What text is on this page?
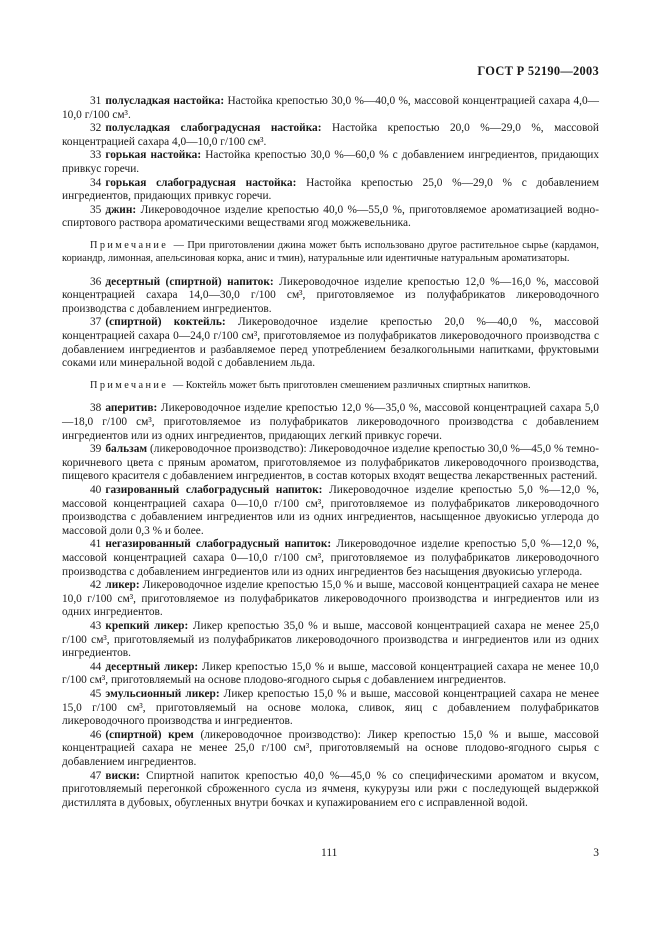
ГОСТ Р 52190—2003

31 полусладкая настойка: Настойка крепостью 30,0 %—40,0 %, массовой концентрацией сахара 4,0—10,0 г/100 см³.

32 полусладкая слабоградусная настойка: Настойка крепостью 20,0 %—29,0 %, массовой концентрацией сахара 4,0—10,0 г/100 см³.

33 горькая настойка: Настойка крепостью 30,0 %—60,0 % с добавлением ингредиентов, придающих привкус горечи.

34 горькая слабоградусная настойка: Настойка крепостью 25,0 %—29,0 % с добавлением ингредиентов, придающих привкус горечи.

35 джин: Ликероводочное изделие крепостью 40,0 %—55,0 %, приготовляемое ароматизацией водно-спиртового раствора ароматическими веществами ягод можжевельника.

Примечание — При приготовлении джина может быть использовано другое растительное сырье (кардамон, кориандр, лимонная, апельсиновая корка, анис и тмин), натуральные или идентичные натуральным ароматизаторы.

36 десертный (спиртной) напиток: Ликероводочное изделие крепостью 12,0 %—16,0 %, массовой концентрацией сахара 14,0—30,0 г/100 см³, приготовляемое из полуфабрикатов ликероводочного производства с добавлением ингредиентов.

37 (спиртной) коктейль: Ликероводочное изделие крепостью 20,0 %—40,0 %, массовой концентрацией сахара 0—24,0 г/100 см³, приготовляемое из полуфабрикатов ликероводочного производства с добавлением ингредиентов и разбавляемое перед употреблением безалкогольными напитками, фруктовыми соками или минеральной водой с добавлением льда.

Примечание — Коктейль может быть приготовлен смешением различных спиртных напитков.

38 аперитив: Ликероводочное изделие крепостью 12,0 %—35,0 %, массовой концентрацией сахара 5,0—18,0 г/100 см³, приготовляемое из полуфабрикатов ликероводочного производства с добавлением ингредиентов или из одних ингредиентов, придающих легкий привкус горечи.

39 бальзам (ликероводочное производство): Ликероводочное изделие крепостью 30,0 %—45,0 % темно-коричневого цвета с пряным ароматом, приготовляемое из полуфабрикатов ликероводочного производства, пищевого красителя с добавлением ингредиентов, в состав которых входят вещества лекарственных растений.

40 газированный слабоградусный напиток: Ликероводочное изделие крепостью 5,0 %—12,0 %, массовой концентрацией сахара 0—10,0 г/100 см³, приготовляемое из полуфабрикатов ликероводочного производства с добавлением ингредиентов или из одних ингредиентов, насыщенное двуокисью углерода до массовой доли 0,3 % и более.

41 негазированный слабоградусный напиток: Ликероводочное изделие крепостью 5,0 %—12,0 %, массовой концентрацией сахара 0—10,0 г/100 см³, приготовляемое из полуфабрикатов ликероводочного производства с добавлением ингредиентов или из одних ингредиентов без насыщения двуокисью углерода.

42 ликер: Ликероводочное изделие крепостью 15,0 % и выше, массовой концентрацией сахара не менее 10,0 г/100 см³, приготовляемое из полуфабрикатов ликероводочного производства и ингредиентов или из одних ингредиентов.

43 крепкий ликер: Ликер крепостью 35,0 % и выше, массовой концентрацией сахара не менее 25,0 г/100 см³, приготовляемый из полуфабрикатов ликероводочного производства и ингредиентов или из одних ингредиентов.

44 десертный ликер: Ликер крепостью 15,0 % и выше, массовой концентрацией сахара не менее 10,0 г/100 см³, приготовляемый на основе плодово-ягодного сырья с добавлением ингредиентов.

45 эмульсионный ликер: Ликер крепостью 15,0 % и выше, массовой концентрацией сахара не менее 15,0 г/100 см³, приготовляемый на основе молока, сливок, яиц с добавлением полуфабрикатов ликероводочного производства и ингредиентов.

46 (спиртной) крем (ликероводочное производство): Ликер крепостью 15,0 % и выше, массовой концентрацией сахара не менее 25,0 г/100 см³, приготовляемый на основе плодово-ягодного сырья с добавлением ингредиентов.

47 виски: Спиртной напиток крепостью 40,0 %—45,0 % со специфическими ароматом и вкусом, приготовляемый перегонкой сброженного сусла из ячменя, кукурузы или ржи с последующей выдержкой дистиллята в дубовых, обугленных внутри бочках и купажированием его с исправленной водой.

111	3
